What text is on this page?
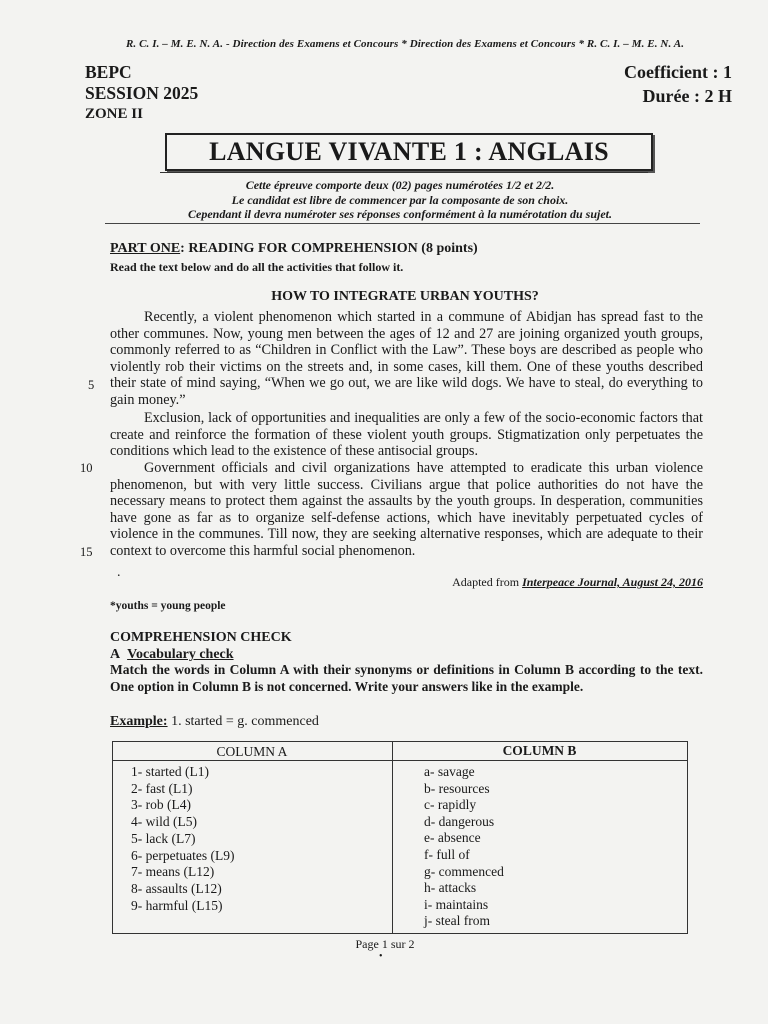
R. C. I. – M. E. N. A. - Direction des Examens et Concours * Direction des Examens et Concours * R. C. I. – M. E. N. A.
BEPC
SESSION 2025
ZONE II
Coefficient : 1
Durée : 2 H
LANGUE VIVANTE 1 : ANGLAIS
Cette épreuve comporte deux (02) pages numérotées 1/2 et 2/2.
Le candidat est libre de commencer par la composante de son choix.
Cependant il devra numéroter ses réponses conformément à la numérotation du sujet.
PART ONE: READING FOR COMPREHENSION (8 points)
Read the text below and do all the activities that follow it.
HOW TO INTEGRATE URBAN YOUTHS?
Recently, a violent phenomenon which started in a commune of Abidjan has spread fast to the other communes. Now, young men between the ages of 12 and 27 are joining organized youth groups, commonly referred to as “Children in Conflict with the Law”. These boys are described as people who violently rob their victims on the streets and, in some cases, kill them. One of these youths described their state of mind saying, “When we go out, we are like wild dogs. We have to steal, do everything to gain money.”
Exclusion, lack of opportunities and inequalities are only a few of the socio-economic factors that create and reinforce the formation of these violent youth groups. Stigmatization only perpetuates the conditions which lead to the existence of these antisocial groups.
Government officials and civil organizations have attempted to eradicate this urban violence phenomenon, but with very little success. Civilians argue that police authorities do not have the necessary means to protect them against the assaults by the youth groups. In desperation, communities have gone as far as to organize self-defense actions, which have inevitably perpetuated cycles of violence in the communes. Till now, they are seeking alternative responses, which are adequate to their context to overcome this harmful social phenomenon.
5
10
15
.
Adapted from Interpeace Journal, August 24, 2016
*youths = young people
COMPREHENSION CHECK
A Vocabulary check
Match the words in Column A with their synonyms or definitions in Column B according to the text. One option in Column B is not concerned. Write your answers like in the example.
Example: 1. started = g. commenced
COLUMN A	COLUMN B
1- started (L1)
2- fast (L1)
3- rob (L4)
4- wild (L5)
5- lack (L7)
6- perpetuates (L9)
7- means (L12)
8- assaults (L12)
9- harmful (L15)
a- savage
b- resources
c- rapidly
d- dangerous
e- absence
f- full of
g- commenced
h- attacks
i- maintains
j- steal from
Page 1 sur 2
•
